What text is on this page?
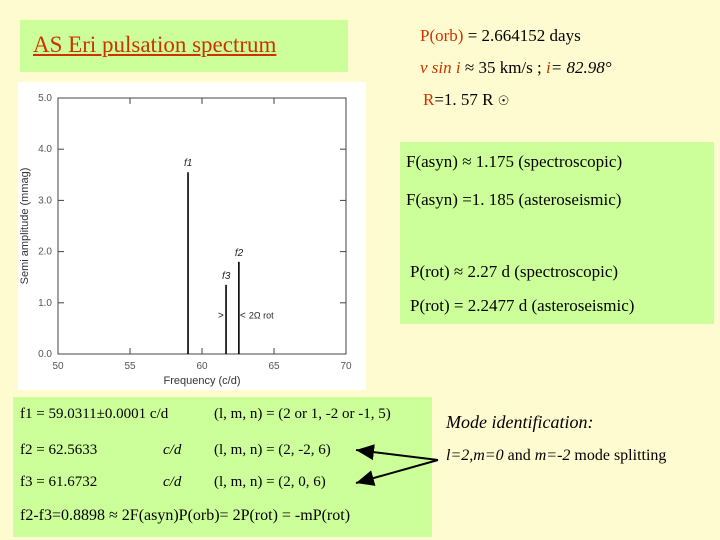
AS Eri pulsation spectrum	P(orb) = 2.664152 days
v sin i ≈ 35 km/s ; i= 82.98°
R=1. 57 R ☉
50	55	60	65	70
0.0
1.0
2.0
3.0
4.0
5.0
f1
f3
f2
> < 2Ω rot
Frequency (c/d)
Semi amplitude (mmag)
F(asyn) ≈ 1.175 (spectroscopic)
F(asyn) =1. 185 (asteroseismic)
P(rot) ≈ 2.27 d (spectroscopic)
P(rot) = 2.2477 d (asteroseismic)
f1 = 59.0311±0.0001 c/d	(l, m, n) = (2 or 1, -2 or -1, 5)
f2 = 62.5633	c/d (l, m, n) = (2, -2, 6)
f3 = 61.6732	c/d (l, m, n) = (2, 0, 6)
f2-f3=0.8898 ≈ 2F(asyn)P(orb)= 2P(rot) = -mP(rot)
Mode identification:
l=2,m=0 and m=-2 mode splitting
